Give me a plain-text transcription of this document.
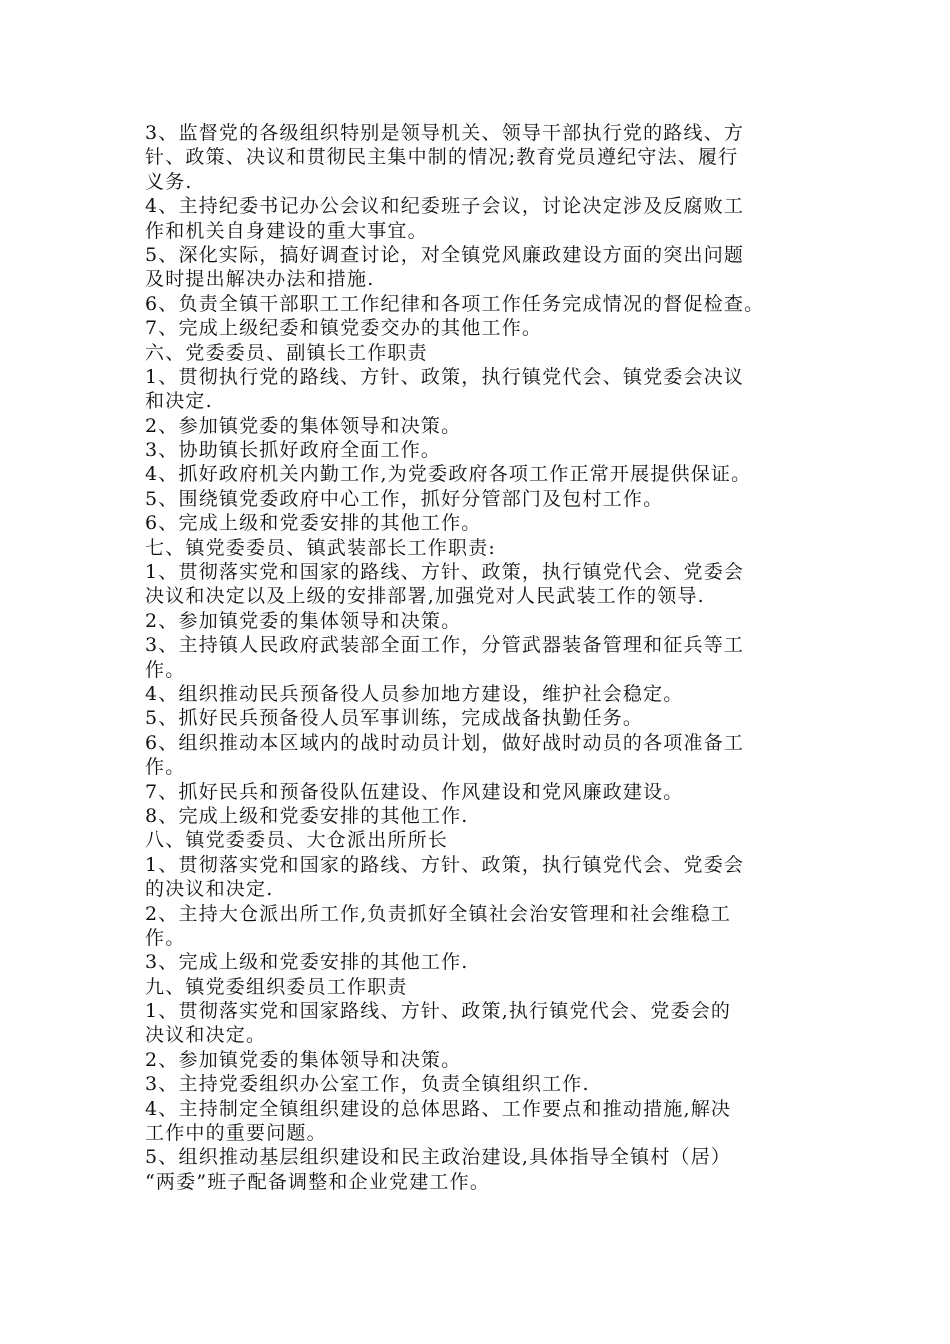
3、监督党的各级组织特别是领导机关、领导干部执行党的路线、方
针、政策、决议和贯彻民主集中制的情况;教育党员遵纪守法、履行
义务.
4、主持纪委书记办公会议和纪委班子会议，讨论决定涉及反腐败工
作和机关自身建设的重大事宜。
5、深化实际，搞好调查讨论，对全镇党风廉政建设方面的突出问题
及时提出解决办法和措施.
6、负责全镇干部职工工作纪律和各项工作任务完成情况的督促检查。
7、完成上级纪委和镇党委交办的其他工作。
六、党委委员、副镇长工作职责
1、贯彻执行党的路线、方针、政策，执行镇党代会、镇党委会决议
和决定.
2、参加镇党委的集体领导和决策。
3、协助镇长抓好政府全面工作。
4、抓好政府机关内勤工作,为党委政府各项工作正常开展提供保证。
5、围绕镇党委政府中心工作，抓好分管部门及包村工作。
6、完成上级和党委安排的其他工作。
七、镇党委委员、镇武装部长工作职责:
1、贯彻落实党和国家的路线、方针、政策，执行镇党代会、党委会
决议和决定以及上级的安排部署,加强党对人民武装工作的领导.
2、参加镇党委的集体领导和决策。
3、主持镇人民政府武装部全面工作，分管武器装备管理和征兵等工
作。
4、组织推动民兵预备役人员参加地方建设，维护社会稳定。
5、抓好民兵预备役人员军事训练，完成战备执勤任务。
6、组织推动本区域内的战时动员计划，做好战时动员的各项准备工
作。
7、抓好民兵和预备役队伍建设、作风建设和党风廉政建设。
8、完成上级和党委安排的其他工作.
八、镇党委委员、大仓派出所所长
1、贯彻落实党和国家的路线、方针、政策，执行镇党代会、党委会
的决议和决定.
2、主持大仓派出所工作,负责抓好全镇社会治安管理和社会维稳工
作。
3、完成上级和党委安排的其他工作.
九、镇党委组织委员工作职责
1、贯彻落实党和国家路线、方针、政策,执行镇党代会、党委会的
决议和决定。
2、参加镇党委的集体领导和决策。
3、主持党委组织办公室工作，负责全镇组织工作.
4、主持制定全镇组织建设的总体思路、工作要点和推动措施,解决
工作中的重要问题。
5、组织推动基层组织建设和民主政治建设,具体指导全镇村（居）
“两委”班子配备调整和企业党建工作。
